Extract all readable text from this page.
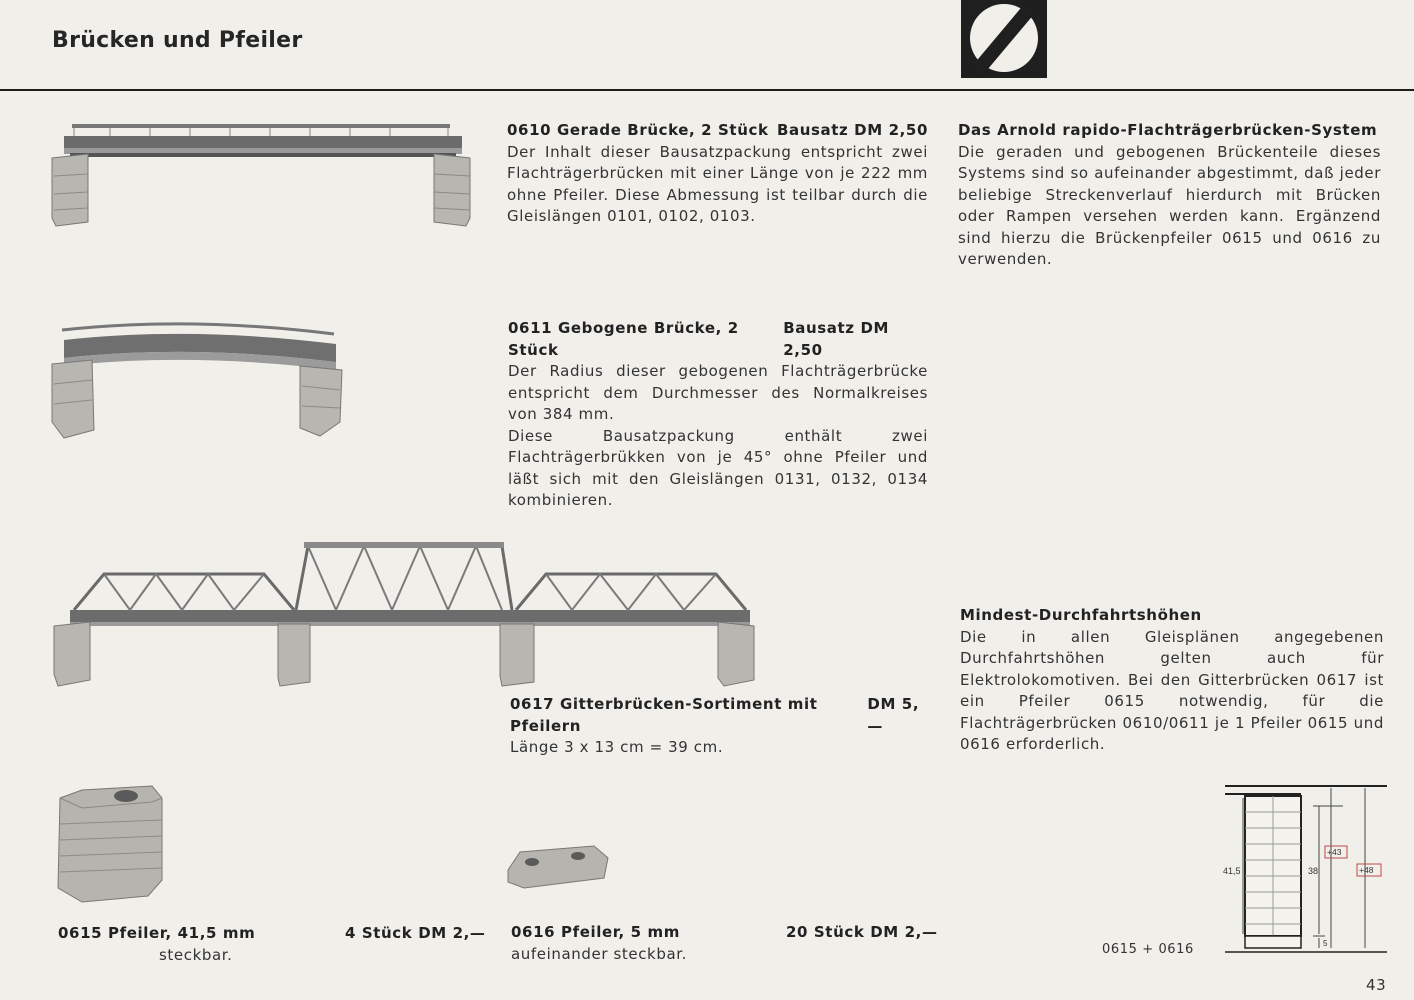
Brücken und Pfeiler
0610 Gerade Brücke, 2 Stück Bausatz DM 2,50

Der Inhalt dieser Bausatzpackung entspricht zwei Flachträgerbrücken mit einer Länge von je 222 mm ohne Pfeiler. Diese Abmessung ist teilbar durch die Gleislängen 0101, 0102, 0103.

0611 Gebogene Brücke, 2 Stück
Bausatz DM 2,50

Der Radius dieser gebogenen Flachträgerbrücke entspricht dem Durchmesser des Normalkreises von 384 mm.

Diese Bausatzpackung enthält zwei Flachträgerbrükken von je 45° ohne Pfeiler und läßt sich mit den Gleislängen 0131, 0132, 0134 kombinieren.

0617 Gitterbrücken-Sortiment mit Pfeilern
DM 5,—

Länge 3 x 13 cm = 39 cm.

Das Arnold rapido-Flachträgerbrücken-System

Die geraden und gebogenen Brückenteile dieses Systems sind so aufeinander abgestimmt, daß jeder beliebige Streckenverlauf hierdurch mit Brücken oder Rampen versehen werden kann. Ergänzend sind hierzu die Brückenpfeiler 0615 und 0616 zu verwenden.

Mindest-Durchfahrtshöhen

Die in allen Gleisplänen angegebenen Durchfahrtshöhen gelten auch für Elektrolokomotiven. Bei den Gitterbrücken 0617 ist ein Pfeiler 0615 notwendig, für die Flachträgerbrücken 0610/0611 je 1 Pfeiler 0615 und 0616 erforderlich.

0615 Pfeiler, 41,5 mm	4 Stück DM 2,—
steckbar.
0616 Pfeiler, 5 mm	20 Stück DM 2,—
aufeinander steckbar.	0615 + 0616
41,5	38
5
+43
+48
43
